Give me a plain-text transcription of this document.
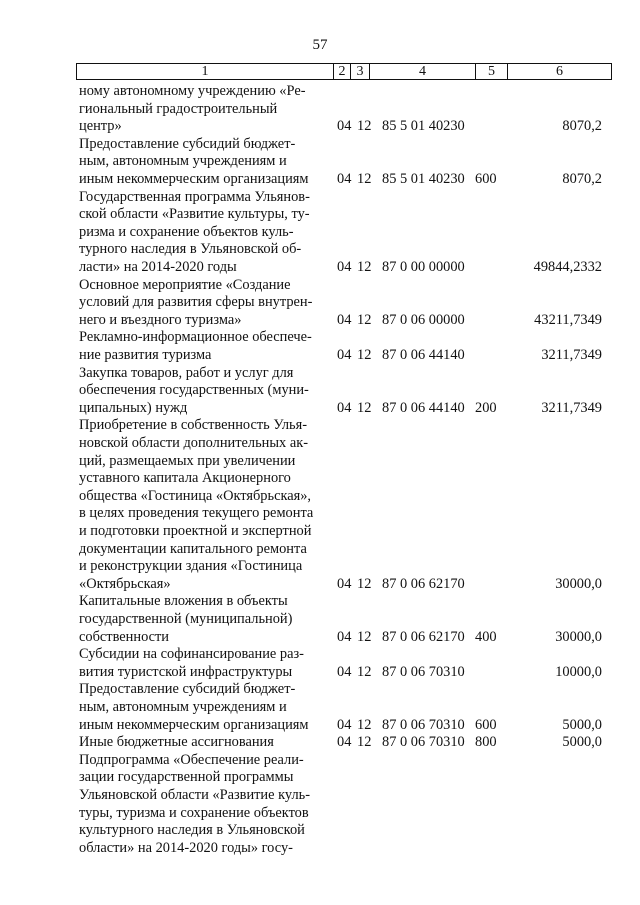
57
1	2 3	4	5	6
ному автономному учреждению «Ре-
гиональный градостроительный
центр»	04 12 85 5 01 40230	8070,2
Предоставление субсидий бюджет-
ным, автономным учреждениям и
иным некоммерческим организациям	04 12 85 5 01 40230 600	8070,2
Государственная программа Ульянов-
ской области «Развитие культуры, ту-
ризма и сохранение объектов куль-
турного наследия в Ульяновской об-
ласти» на 2014-2020 годы	04 12 87 0 00 00000	49844,2332
Основное мероприятие «Создание
условий для развития сферы внутрен-
него и въездного туризма»	04 12 87 0 06 00000	43211,7349
Рекламно-информационное обеспече-
ние развития туризма	04 12 87 0 06 44140	3211,7349
Закупка товаров, работ и услуг для
обеспечения государственных (муни-
ципальных) нужд	04 12 87 0 06 44140 200	3211,7349
Приобретение в собственность Улья-
новской области дополнительных ак-
ций, размещаемых при увеличении
уставного капитала Акционерного
общества «Гостиница «Октябрьская»,
в целях проведения текущего ремонта
и подготовки проектной и экспертной
документации капитального ремонта
и реконструкции здания «Гостиница
«Октябрьская»	04 12 87 0 06 62170	30000,0
Капитальные вложения в объекты
государственной (муниципальной)
собственности	04 12 87 0 06 62170 400	30000,0
Субсидии на софинансирование раз-
вития туристской инфраструктуры	04 12 87 0 06 70310	10000,0
Предоставление субсидий бюджет-
ным, автономным учреждениям и
иным некоммерческим организациям	04 12 87 0 06 70310 600	5000,0
Иные бюджетные ассигнования	04 12 87 0 06 70310 800	5000,0
Подпрограмма «Обеспечение реали-
зации государственной программы
Ульяновской области «Развитие куль-
туры, туризма и сохранение объектов
культурного наследия в Ульяновской
области» на 2014-2020 годы» госу-
